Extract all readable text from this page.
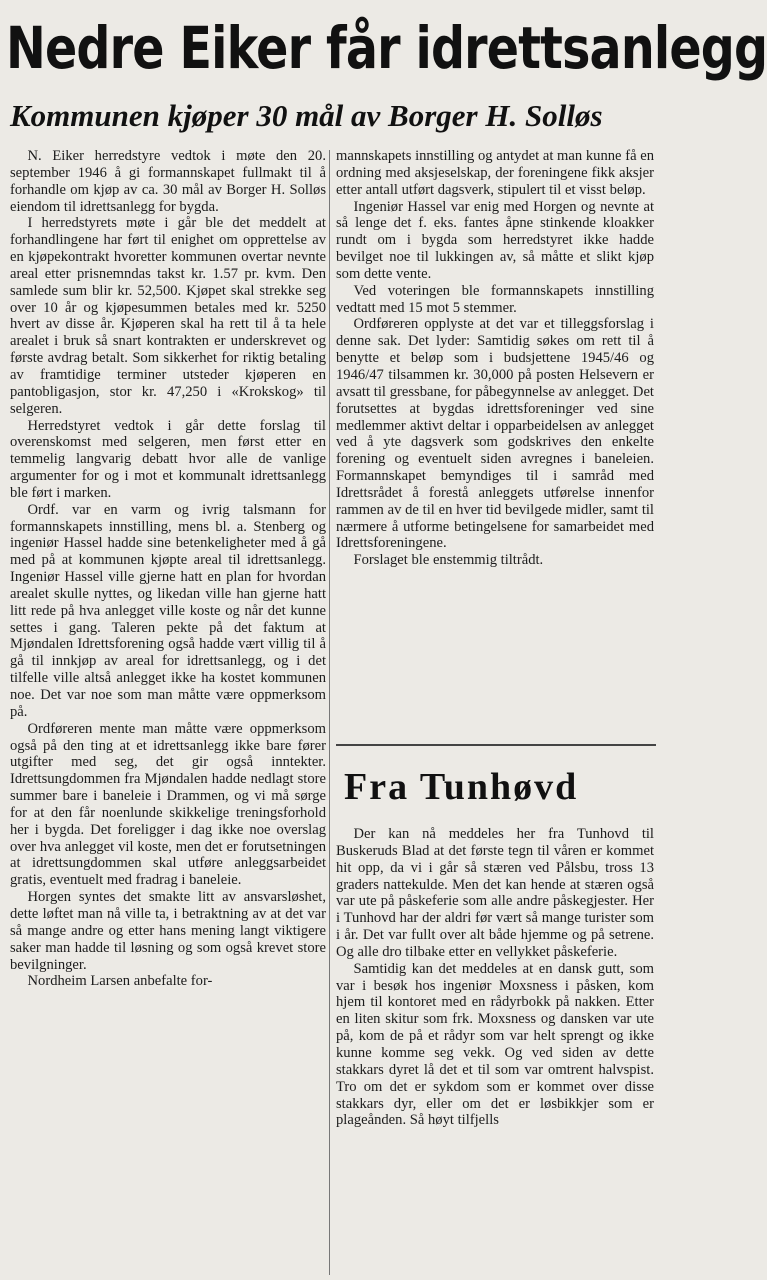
Nedre Eiker får idrettsanlegg
Kommunen kjøper 30 mål av Borger H. Solløs

N. Eiker herredstyre vedtok i møte den 20. september 1946 å gi formannskapet fullmakt til å forhandle om kjøp av ca. 30 mål av Borger H. Solløs eiendom til idrettsanlegg for bygda.

I herredstyrets møte i går ble det meddelt at forhandlingene har ført til enighet om opprettelse av en kjøpekontrakt hvoretter kommunen overtar nevnte areal etter prisnemndas takst kr. 1.57 pr. kvm. Den samlede sum blir kr. 52,500. Kjøpet skal strekke seg over 10 år og kjøpesummen betales med kr. 5250 hvert av disse år. Kjøperen skal ha rett til å ta hele arealet i bruk så snart kontrakten er underskrevet og første avdrag betalt. Som sikkerhet for riktig betaling av framtidige terminer utsteder kjøperen en pantobligasjon, stor kr. 47,250 i «Krokskog» til selgeren.

Herredstyret vedtok i går dette forslag til overenskomst med selgeren, men først etter en temmelig langvarig debatt hvor alle de vanlige argumenter for og i mot et kommunalt idrettsanlegg ble ført i marken.

Ordf. var en varm og ivrig talsmann for formannskapets innstilling, mens bl. a. Stenberg og ingeniør Hassel hadde sine betenkeligheter med å gå med på at kommunen kjøpte areal til idrettsanlegg. Ingeniør Hassel ville gjerne hatt en plan for hvordan arealet skulle nyttes, og likedan ville han gjerne hatt litt rede på hva anlegget ville koste og når det kunne settes i gang. Taleren pekte på det faktum at Mjøndalen Idrettsforening også hadde vært villig til å gå til innkjøp av areal for idrettsanlegg, og i det tilfelle ville altså anlegget ikke ha kostet kommunen noe. Det var noe som man måtte være oppmerksom på.

Ordføreren mente man måtte være oppmerksom også på den ting at et idrettsanlegg ikke bare fører utgifter med seg, det gir også inntekter. Idrettsungdommen fra Mjøndalen hadde nedlagt store summer bare i baneleie i Drammen, og vi må sørge for at den får noenlunde skikkelige treningsforhold her i bygda. Det foreligger i dag ikke noe overslag over hva anlegget vil koste, men det er forutsetningen at idrettsungdommen skal utføre anleggsarbeidet gratis, eventuelt med fradrag i baneleie.

Horgen syntes det smakte litt av ansvarsløshet, dette løftet man nå ville ta, i betraktning av at det var så mange andre og etter hans mening langt viktigere saker man hadde til løsning og som også krevet store bevilgninger.

Nordheim Larsen anbefalte for-

mannskapets innstilling og antydet at man kunne få en ordning med aksjeselskap, der foreningene fikk aksjer etter antall utført dagsverk, stipulert til et visst beløp.

Ingeniør Hassel var enig med Horgen og nevnte at så lenge det f. eks. fantes åpne stinkende kloakker rundt om i bygda som herredstyret ikke hadde bevilget noe til lukkingen av, så måtte et slikt kjøp som dette vente.

Ved voteringen ble formannskapets innstilling vedtatt med 15 mot 5 stemmer.

Ordføreren opplyste at det var et tilleggsforslag i denne sak. Det lyder: Samtidig søkes om rett til å benytte et beløp som i budsjettene 1945/46 og 1946/47 tilsammen kr. 30,000 på posten Helsevern er avsatt til gressbane, for påbegynnelse av anlegget. Det forutsettes at bygdas idrettsforeninger ved sine medlemmer aktivt deltar i opparbeidelsen av anlegget ved å yte dagsverk som godskrives den enkelte forening og eventuelt siden avregnes i baneleien. Formannskapet bemyndiges til i samråd med Idrettsrådet å forestå anleggets utførelse innenfor rammen av de til en hver tid bevilgede midler, samt til nærmere å utforme betingelsene for samarbeidet med Idrettsforeningene.

Forslaget ble enstemmig tiltrådt.

Fra Tunhøvd

Der kan nå meddeles her fra Tunhovd til Buskeruds Blad at det første tegn til våren er kommet hit opp, da vi i går så stæren ved Pålsbu, tross 13 graders nattekulde. Men det kan hende at stæren også var ute på påskeferie som alle andre påskegjester. Her i Tunhovd har der aldri før vært så mange turister som i år. Det var fullt over alt både hjemme og på setrene. Og alle dro tilbake etter en vellykket påskeferie.

Samtidig kan det meddeles at en dansk gutt, som var i besøk hos ingeniør Moxsness i påsken, kom hjem til kontoret med en rådyrbokk på nakken. Etter en liten skitur som frk. Moxsness og dansken var ute på, kom de på et rådyr som var helt sprengt og ikke kunne komme seg vekk. Og ved siden av dette stakkars dyret lå det et til som var omtrent halvspist. Tro om det er sykdom som er kommet over disse stakkars dyr, eller om det er løsbikkjer som er plageånden. Så høyt tilfjells
